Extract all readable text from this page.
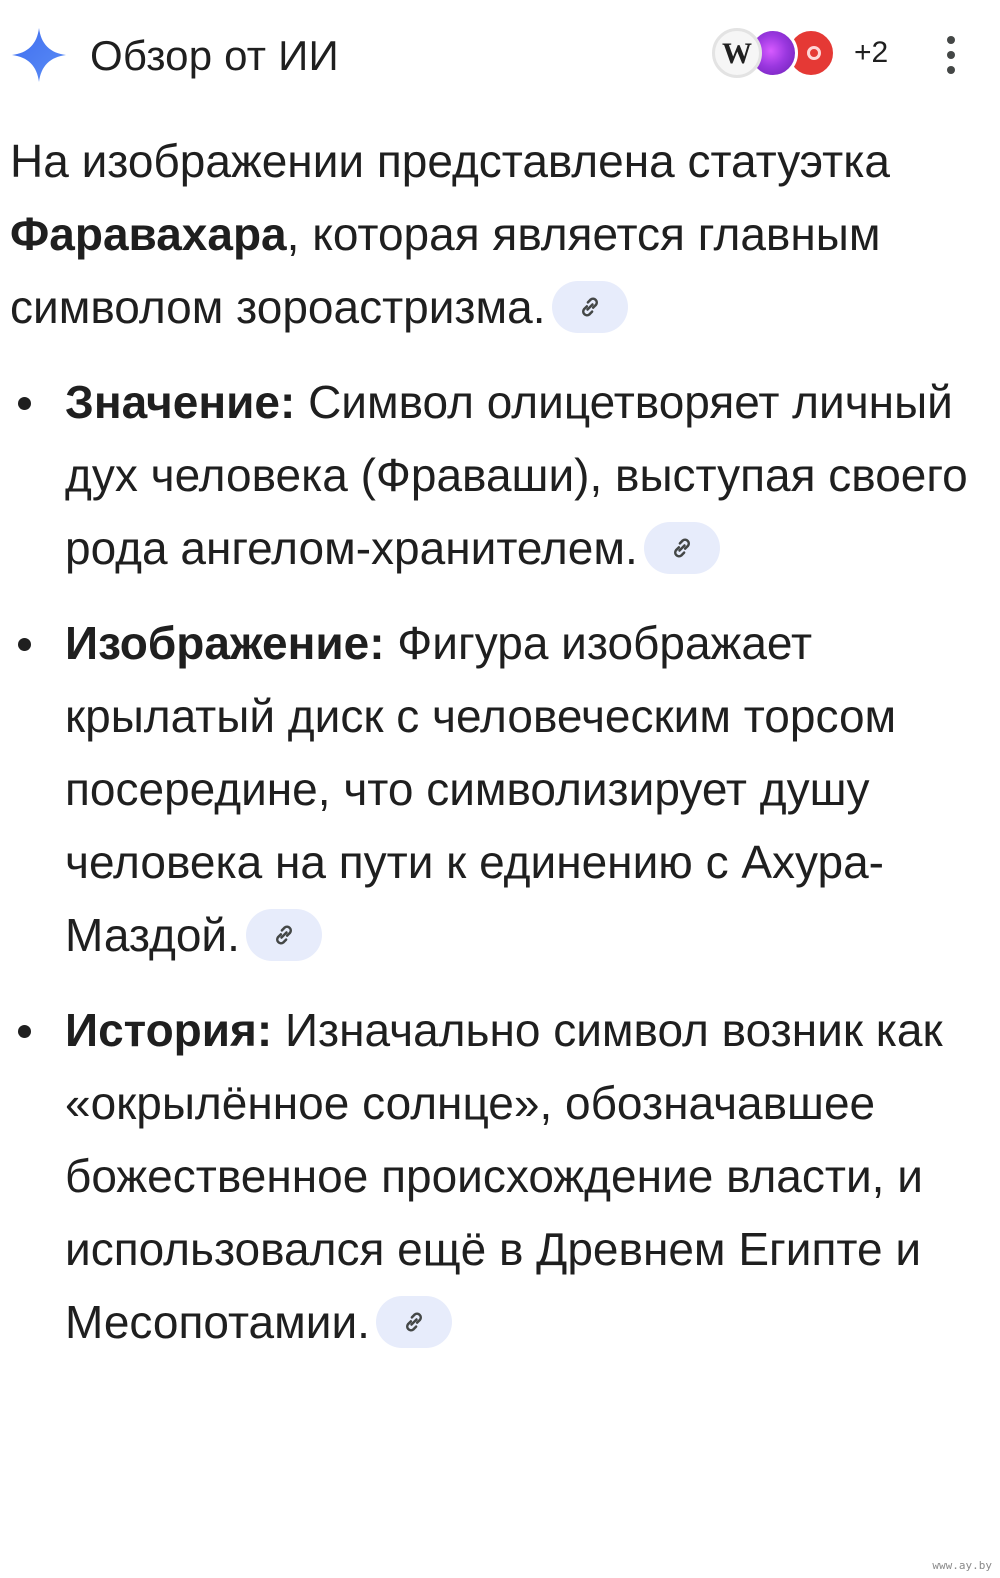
Обзор от ИИ	W	+2

На изображении представлена статуэтка Фаравахара, которая является главным символом зороастризма.

Значение: Символ олицетворяет личный дух человека (Фраваши), выступая своего рода ангелом-хранителем.
Изображение: Фигура изображает крылатый диск с человеческим торсом посередине, что символизирует душу человека на пути к единению с Ахура-Маздой.
История: Изначально символ возник как «окрылённое солнце», обозначавшее божественное происхождение власти, и использовался ещё в Древнем Египте и Месопотамии.
www.ay.by
